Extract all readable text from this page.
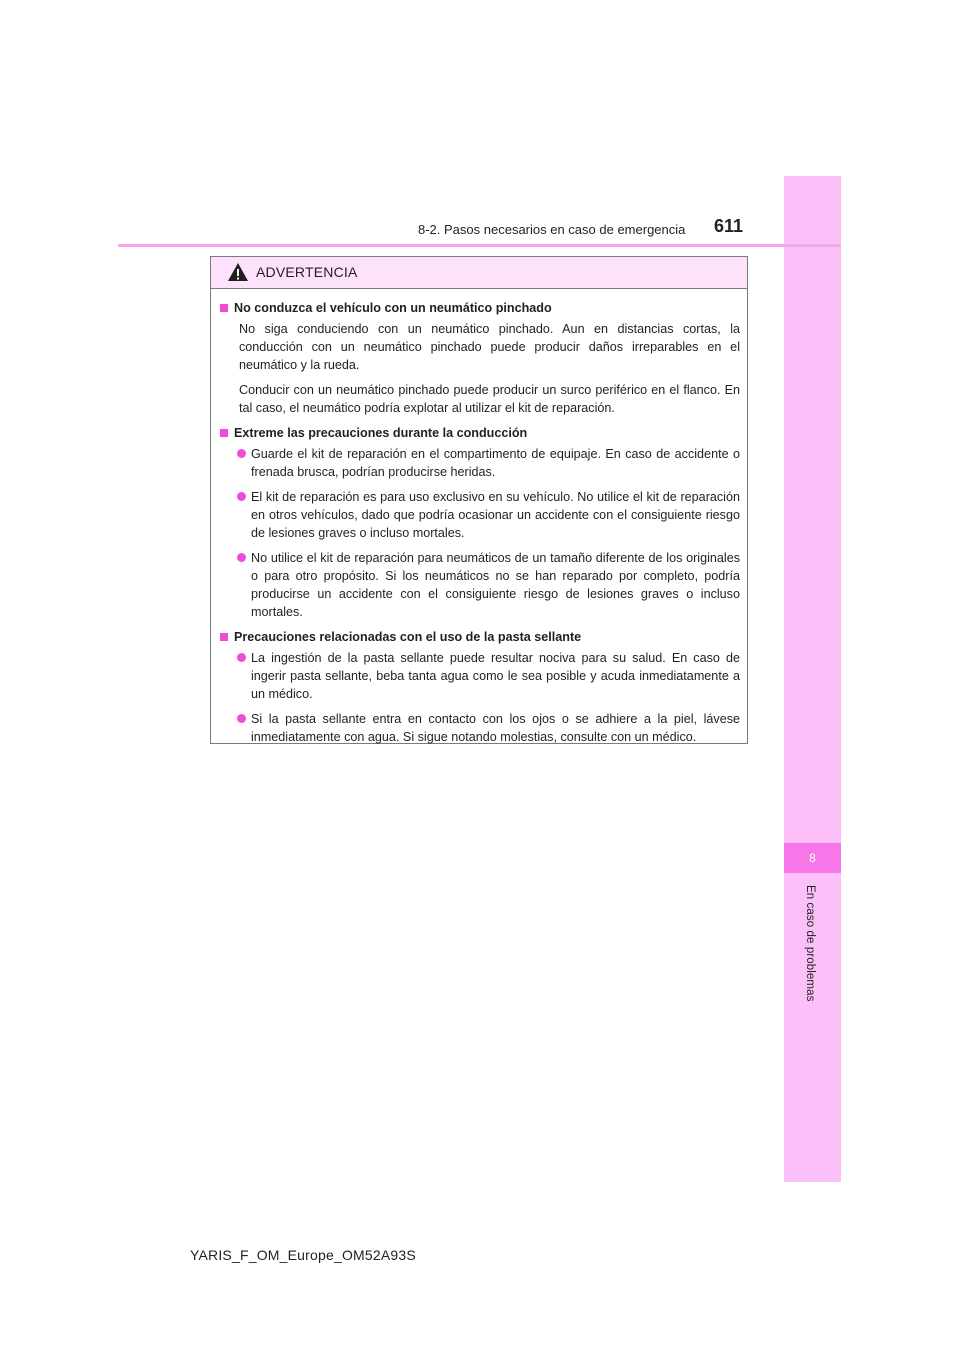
8
En caso de problemas
8-2. Pasos necesarios en caso de emergencia 611
ADVERTENCIA
No conduzca el vehículo con un neumático pinchado

No siga conduciendo con un neumático pinchado. Aun en distancias cortas, la conducción con un neumático pinchado puede producir daños irreparables en el neumático y la rueda.

Conducir con un neumático pinchado puede producir un surco periférico en el flanco. En tal caso, el neumático podría explotar al utilizar el kit de reparación.

Extreme las precauciones durante la conducción
Guarde el kit de reparación en el compartimento de equipaje. En caso de accidente o frenada brusca, podrían producirse heridas.
El kit de reparación es para uso exclusivo en su vehículo. No utilice el kit de reparación en otros vehículos, dado que podría ocasionar un accidente con el consiguiente riesgo de lesiones graves o incluso mortales.
No utilice el kit de reparación para neumáticos de un tamaño diferente de los originales o para otro propósito. Si los neumáticos no se han reparado por completo, podría producirse un accidente con el consiguiente riesgo de lesiones graves o incluso mortales.
Precauciones relacionadas con el uso de la pasta sellante
La ingestión de la pasta sellante puede resultar nociva para su salud. En caso de ingerir pasta sellante, beba tanta agua como le sea posible y acuda inmediatamente a un médico.
Si la pasta sellante entra en contacto con los ojos o se adhiere a la piel, lávese inmediatamente con agua. Si sigue notando molestias, consulte con un médico.
YARIS_F_OM_Europe_OM52A93S
